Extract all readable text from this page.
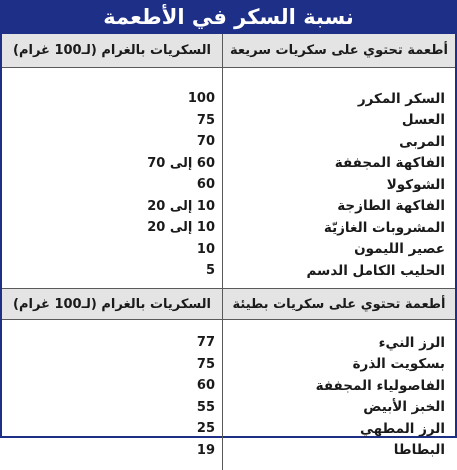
نسبة السكر في الأطعمة
أطعمة تحتوي على سكريات سريعة
السكريات بالغرام (لـ100 غرام)
السكر المكرر
100
العسل
75
المربى
70
الفاكهة المجففة
60 إلى 70
الشوكولا
60
الفاكهة الطازجة
10 إلى 20
المشروبات الغازيّة
10 إلى 20
عصير الليمون
10
الحليب الكامل الدسم
5
أطعمة تحتوي على سكريات بطيئة
السكريات بالغرام (لـ100 غرام)
الرز النيء
77
بسكويت الذرة
75
الفاصولياء المجففة
60
الخبز الأبيض
55
الرز المطهي
25
البطاطا
19
